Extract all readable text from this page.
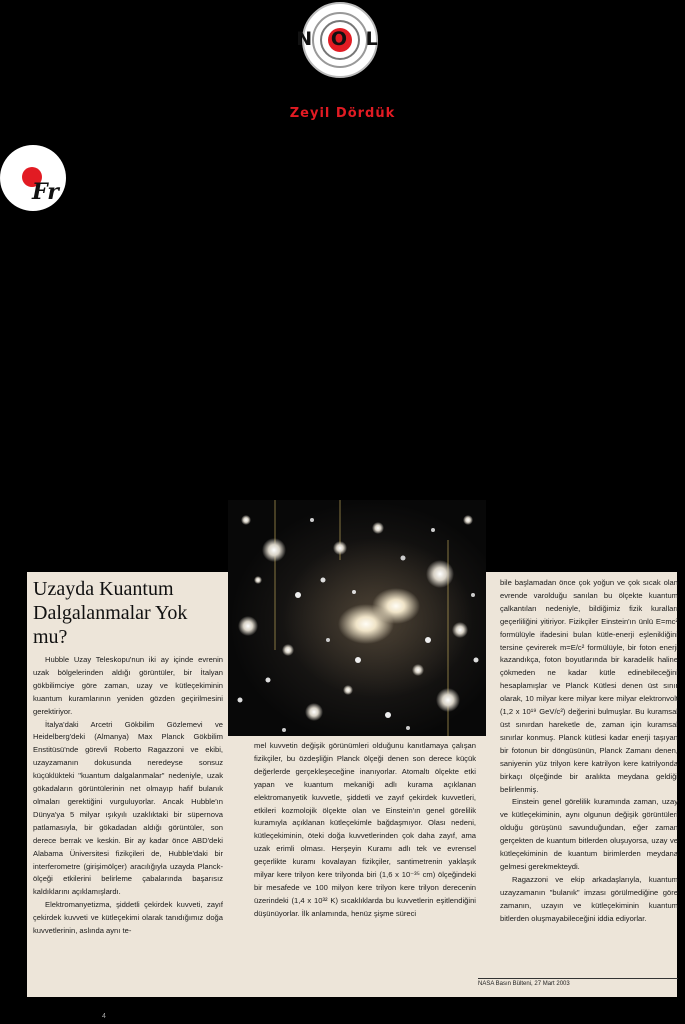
N O L
Zeyil Dördük
Fr
Uzayda Kuantum Dalgalanmalar Yok mu?

Hubble Uzay Teleskopu'nun iki ay içinde evrenin uzak bölgelerinden aldığı görüntüler, bir İtalyan gökbilimciye göre zaman, uzay ve kütleçekiminin kuantum kuramlarının yeniden gözden geçirilmesini gerektiriyor.

İtalya'daki Arcetri Gökbilim Gözlemevi ve Heidelberg'deki (Almanya) Max Planck Gökbilim Enstitüsü'nde görevli Roberto Ragazzoni ve ekibi, uzayzamanın dokusunda neredeyse sonsuz küçüklükteki "kuantum dalgalanmalar" nedeniyle, uzak gökadaların görüntülerinin net olmayıp hafif bulanık olmaları gerektiğini vurguluyorlar. Ancak Hubble'ın Dünya'ya 5 milyar ışıkyılı uzaklıktaki bir süpernova patlamasıyla, bir gökadadan aldığı görüntüler, son derece berrak ve keskin. Bir ay kadar önce ABD'deki Alabama Üniversitesi fizikçileri de, Hubble'daki bir interferometre (girişimölçer) aracılığıyla uzayda Planck-ölçeği etkilerini belirleme çabalarında başarısız kaldıklarını açıklamışlardı.

Elektromanyetizma, şiddetli çekirdek kuvveti, zayıf çekirdek kuvveti ve kütleçekimi olarak tanıdığımız doğa kuvvetlerinin, aslında aynı te-

mel kuvvetin değişik görünümleri olduğunu kanıtlamaya çalışan fizikçiler, bu özdeşliğin Planck ölçeği denen son derece küçük değerlerde gerçekleşeceğine inanıyorlar. Atomaltı ölçekte etki yapan ve kuantum mekaniği adlı kurama açıklanan elektromanyetik kuvvetle, şiddetli ve zayıf çekirdek kuvvetleri, etkileri kozmolojik ölçekte olan ve Einstein'ın genel görelilik kuramıyla açıklanan kütleçekimle bağdaşmıyor. Olası nedeni, kütleçekiminin, öteki doğa kuvvetlerinden çok daha zayıf, ama uzak erimli olması. Herşeyin Kuramı adlı tek ve evrensel geçerlikte kuramı kovalayan fizikçiler, santimetrenin yaklaşık milyar kere trilyon kere trilyonda biri (1,6 x 10⁻³⁵ cm) ölçeğindeki bir mesafede ve 100 milyon kere trilyon kere trilyon derecenin üzerindeki (1,4 x 10³² K) sıcaklıklarda bu kuvvetlerin eşitlendiğini düşünüyorlar. İlk anlamında, henüz şişme süreci

bile başlamadan önce çok yoğun ve çok sıcak olan evrende varolduğu sanılan bu ölçekte kuantum çalkantıları nedeniyle, bildiğimiz fizik kuralları geçerliliğini yitiriyor. Fizikçiler Einstein'ın ünlü E=mc² formülüyle ifadesini bulan kütle-enerji eşlenikliğini tersine çevirerek m=E/c² formülüyle, bir foton enerji kazandıkça, foton boyutlarında bir karadelik haline çökmeden ne kadar kütle edinebileceğini hesaplamışlar ve Planck Kütlesi denen üst sınır olarak, 10 milyar kere milyar kere milyar elektronvolt (1,2 x 10¹⁹ GeV/c²) değerini bulmuşlar. Bu kuramsal üst sınırdan hareketle de, zaman için kuramsal sınırlar konmuş. Planck kütlesi kadar enerji taşıyan bir fotonun bir döngüsünün, Planck Zamanı denen, saniyenin yüz trilyon kere katrilyon kere katrilyonda birkaçı ölçeğinde bir aralıkta meydana geldiği belirlenmiş.

Einstein genel görelilik kuramında zaman, uzay ve kütleçekiminin, aynı olgunun değişik görüntüleri olduğu görüşünü savunduğundan, eğer zaman gerçekten de kuantum bitlerden oluşuyorsa, uzay ve kütleçekiminin de kuantum birimlerden meydana gelmesi gerekmekteydi.

Ragazzoni ve ekip arkadaşlarıyla, kuantum uzayzamanın "bulanık" imzası görülmediğine göre zamanın, uzayın ve kütleçekiminin kuantum bitlerden oluşmayabileceğini iddia ediyorlar.

NASA Basın Bülteni, 27 Mart 2003
4
